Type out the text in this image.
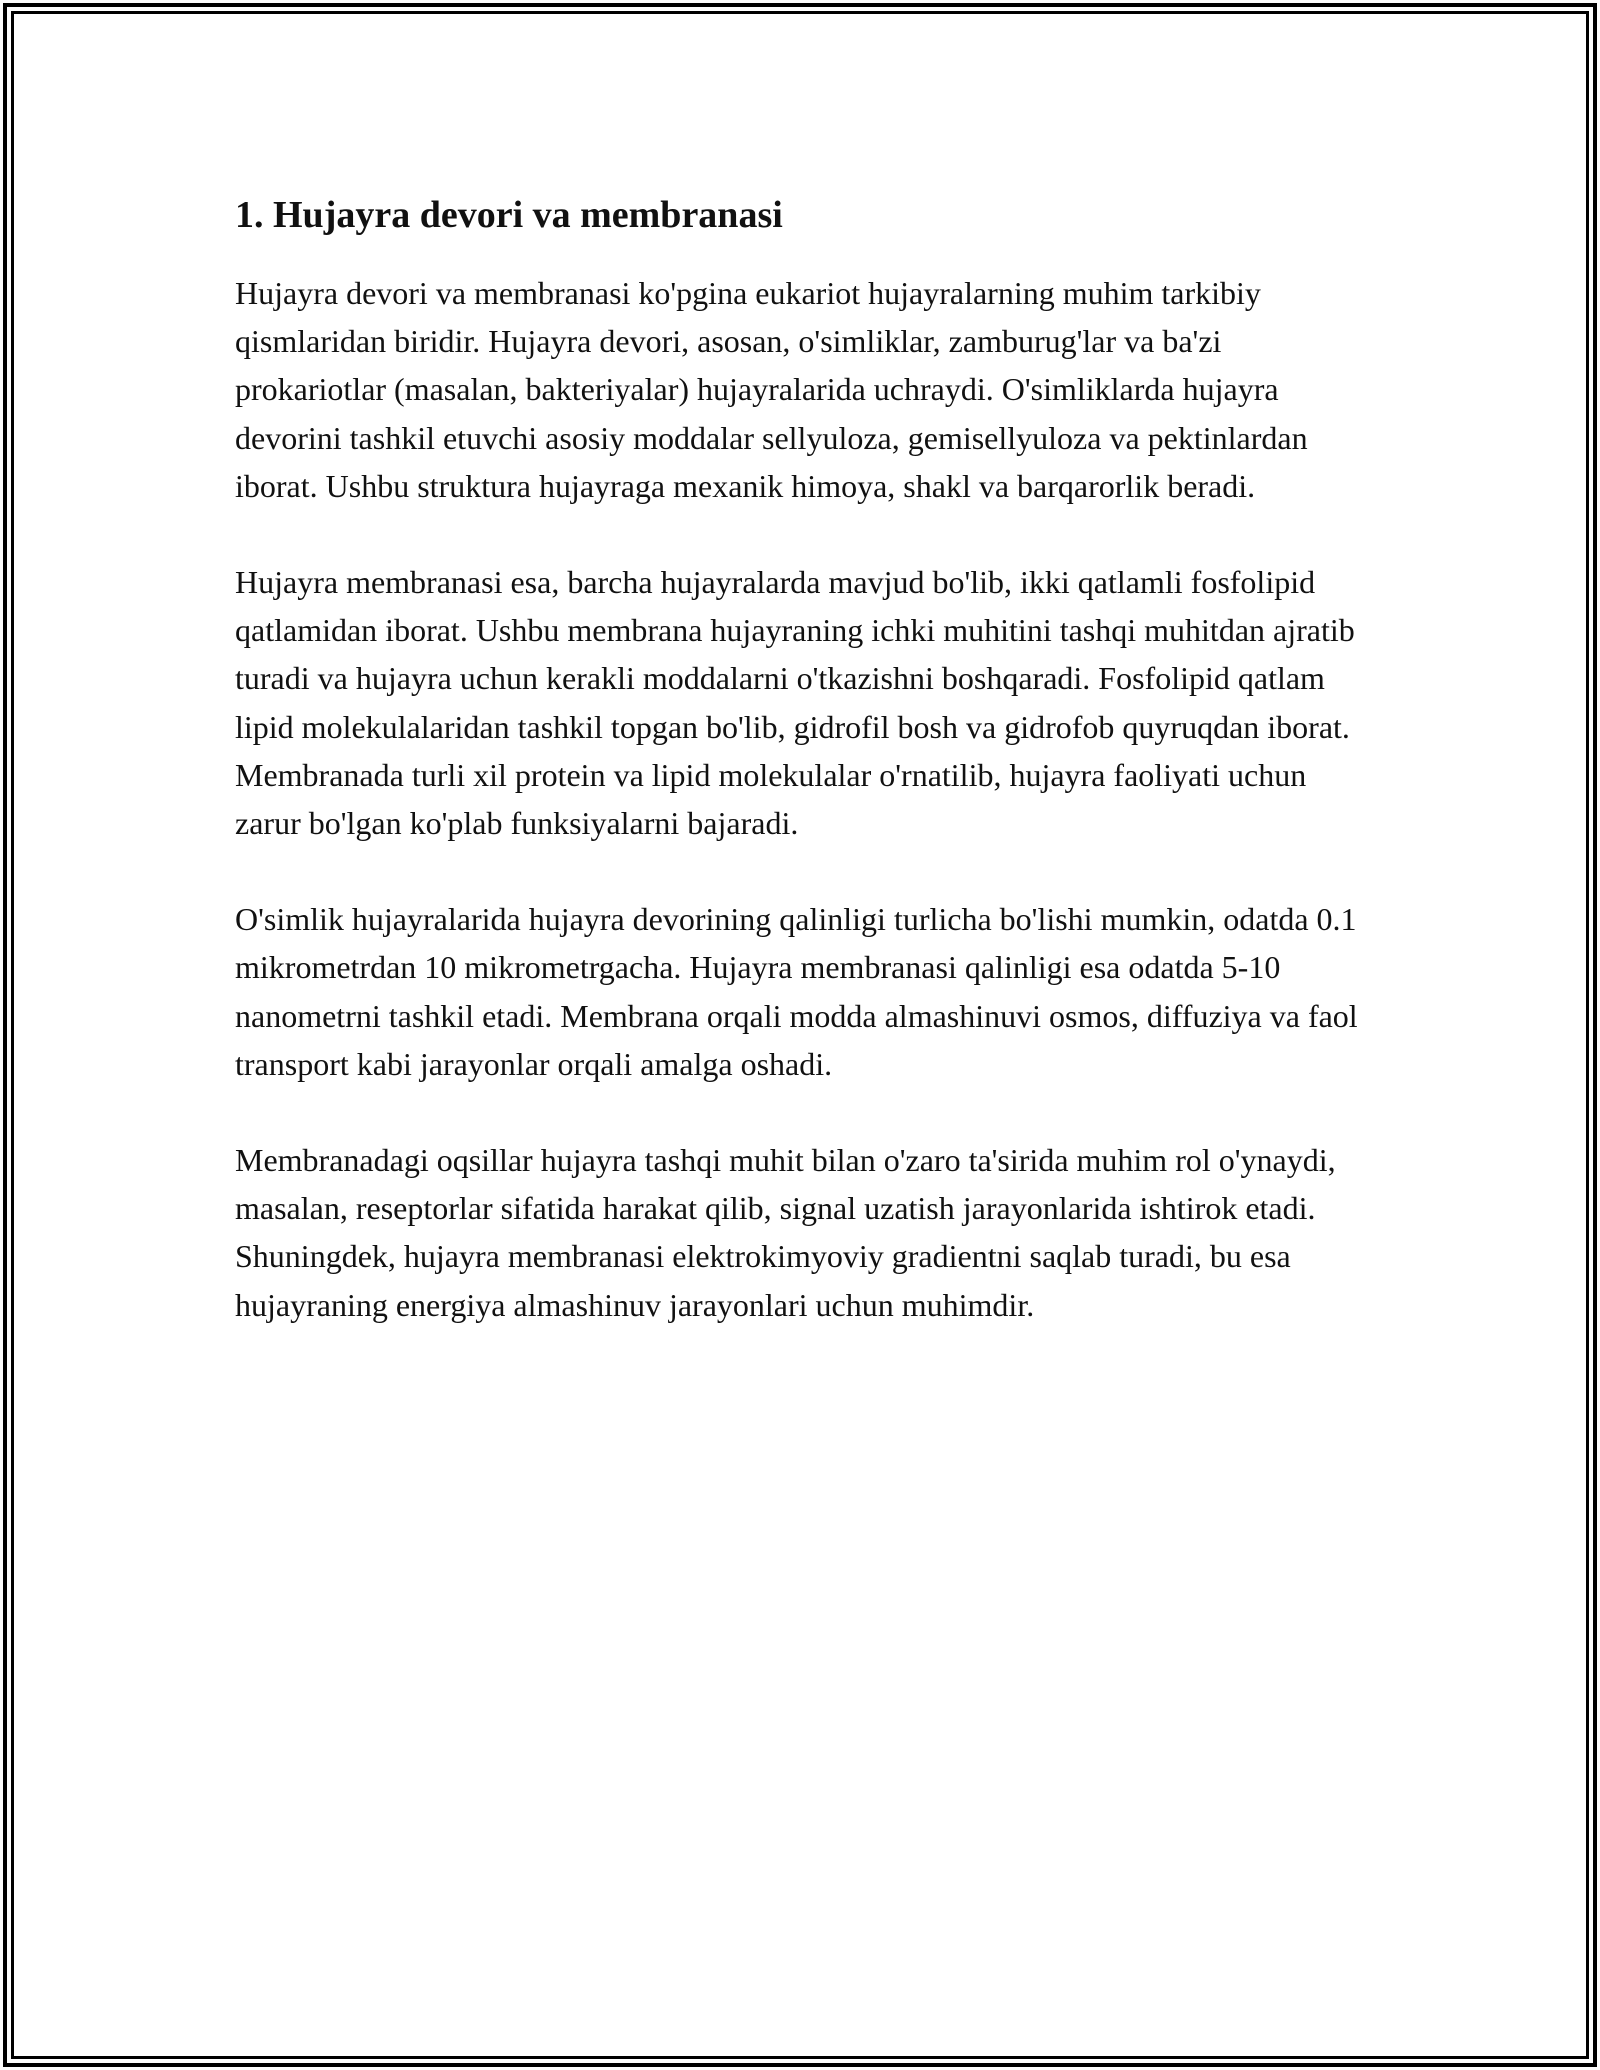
1. Hujayra devori va membranasi

Hujayra devori va membranasi ko'pgina eukariot hujayralarning muhim tarkibiy qismlaridan biridir. Hujayra devori, asosan, o'simliklar, zamburug'lar va ba'zi prokariotlar (masalan, bakteriyalar) hujayralarida uchraydi. O'simliklarda hujayra devorini tashkil etuvchi asosiy moddalar sellyuloza, gemisellyuloza va pektinlardan iborat. Ushbu struktura hujayraga mexanik himoya, shakl va barqarorlik beradi.

Hujayra membranasi esa, barcha hujayralarda mavjud bo'lib, ikki qatlamli fosfolipid qatlamidan iborat. Ushbu membrana hujayraning ichki muhitini tashqi muhitdan ajratib turadi va hujayra uchun kerakli moddalarni o'tkazishni boshqaradi. Fosfolipid qatlam lipid molekulalaridan tashkil topgan bo'lib, gidrofil bosh va gidrofob quyruqdan iborat. Membranada turli xil protein va lipid molekulalar o'rnatilib, hujayra faoliyati uchun zarur bo'lgan ko'plab funksiyalarni bajaradi.

O'simlik hujayralarida hujayra devorining qalinligi turlicha bo'lishi mumkin, odatda 0.1 mikrometrdan 10 mikrometrgacha. Hujayra membranasi qalinligi esa odatda 5-10 nanometrni tashkil etadi. Membrana orqali modda almashinuvi osmos, diffuziya va faol transport kabi jarayonlar orqali amalga oshadi.

Membranadagi oqsillar hujayra tashqi muhit bilan o'zaro ta'sirida muhim rol o'ynaydi, masalan, reseptorlar sifatida harakat qilib, signal uzatish jarayonlarida ishtirok etadi. Shuningdek, hujayra membranasi elektrokimyoviy gradientni saqlab turadi, bu esa hujayraning energiya almashinuv jarayonlari uchun muhimdir.
